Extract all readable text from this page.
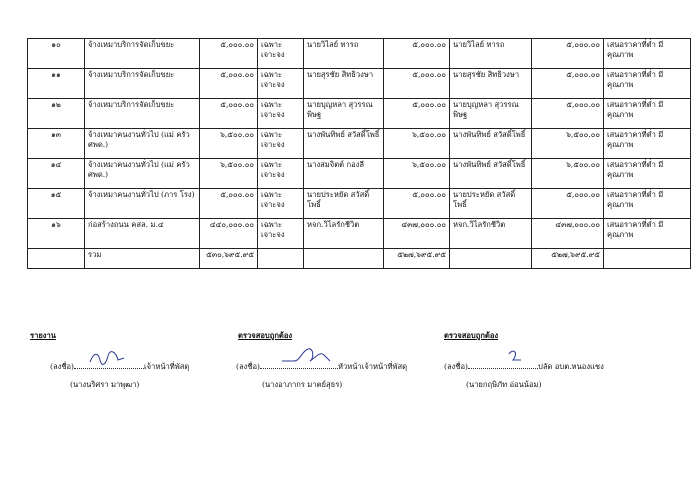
๑๐	จ้างเหมาบริการจัดเก็บขยะ	๕,๐๐๐.๐๐	เฉพาะเจาะจง	นายวิไลย์ ทารถ	๕,๐๐๐.๐๐	นายวิไลย์ ทารถ	๕,๐๐๐.๐๐	เสนอราคาที่ต่ำ มีคุณภาพ
๑๑	จ้างเหมาบริการจัดเก็บขยะ	๕,๐๐๐.๐๐	เฉพาะเจาะจง	นายสุรชัย สิทธิวงษา	๕,๐๐๐.๐๐	นายสุรชัย สิทธิวงษา	๕,๐๐๐.๐๐	เสนอราคาที่ต่ำ มีคุณภาพ
๑๒	จ้างเหมาบริการจัดเก็บขยะ	๕,๐๐๐.๐๐	เฉพาะเจาะจง	นายบุญหลา สุวรรณพิษฐ	๕,๐๐๐.๐๐	นายบุญหลา สุวรรณ พิษฐ	๕,๐๐๐.๐๐	เสนอราคาที่ต่ำ มีคุณภาพ
๑๓	จ้างเหมาคนงานทั่วไป (แม่ ครัว ศพด.)	๖,๕๐๐.๐๐	เฉพาะเจาะจง	นางพันทิพย์ สวัสดิ์โพธิ์	๖,๕๐๐.๐๐	นางพันทิพย์ สวัสดิ์โพธิ์	๖,๕๐๐.๐๐	เสนอราคาที่ต่ำ มีคุณภาพ
๑๔	จ้างเหมาคนงานทั่วไป (แม่ ครัว ศพด.)	๖,๕๐๐.๐๐	เฉพาะเจาะจง	นางสมจิตต์ กองลี	๖,๕๐๐.๐๐	นางพันทิพย์ สวัสดิ์โพธิ์	๖,๕๐๐.๐๐	เสนอราคาที่ต่ำ มีคุณภาพ
๑๕	จ้างเหมาคนงานทั่วไป (ภาร โรง)	๕,๐๐๐.๐๐	เฉพาะเจาะจง	นายประหยัด สวัสดิ์โพธิ์	๕,๐๐๐.๐๐	นายประหยัด สวัสดิ์ โพธิ์	๕,๐๐๐.๐๐	เสนอราคาที่ต่ำ มีคุณภาพ
๑๖	ก่อสร้างถนน คสล. ม.๔	๔๔๐,๐๐๐.๐๐	เฉพาะเจาะจง	หจก.วิไลรักชีวิต	๔๓๗,๐๐๐.๐๐	หจก.วิไลรักชีวิต	๔๓๗,๐๐๐.๐๐	เสนอราคาที่ต่ำ มีคุณภาพ
	รวม	๕๓๐,๖๙๕.๙๕			๕๒๗,๖๙๕.๙๕		๕๒๗,๖๙๕.๙๕	
รายงาน
(ลงชื่อ)	เจ้าหน้าที่พัสดุ
(นางนริศรา มาพุฒา)
ตรวจสอบถูกต้อง
(ลงชื่อ)	หัวหน้าเจ้าหน้าที่พัสดุ
(นางอาภากร มาตย์สุธร)
ตรวจสอบถูกต้อง
(ลงชื่อ)	ปลัด อบต.หนองแชง
(นายกฤษิภัท อ่อนน้อม)
